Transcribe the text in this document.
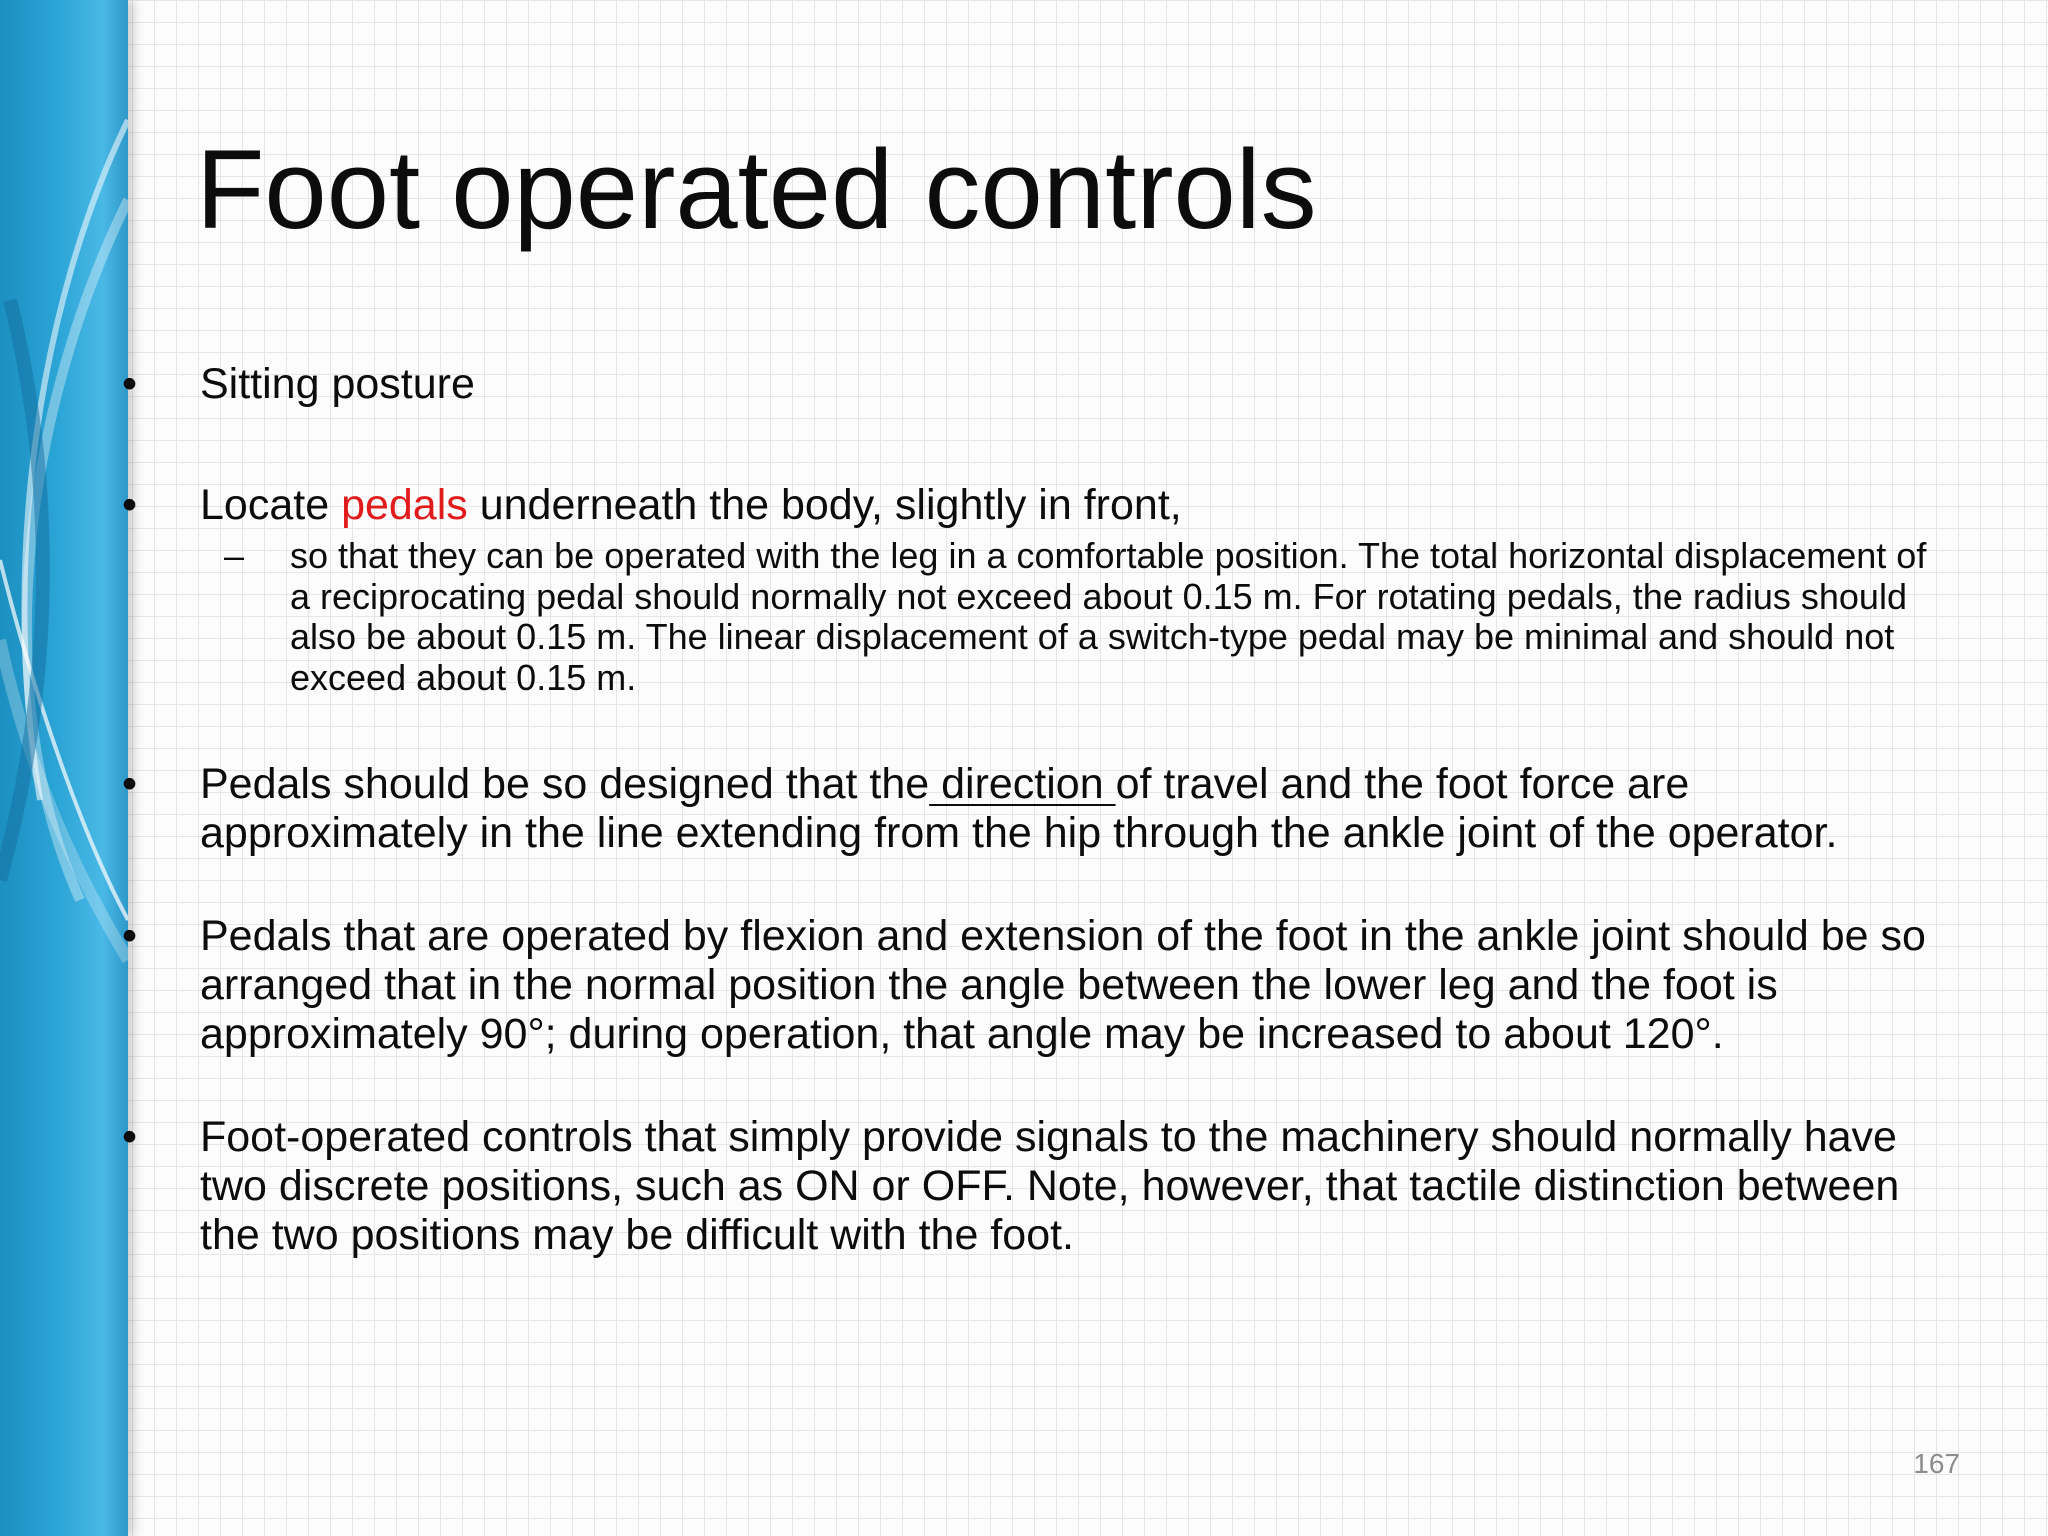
Foot operated controls
• Sitting posture
• Locate pedals underneath the body, slightly in front,
– so that they can be operated with the leg in a comfortable position. The total horizontal displacement of a reciprocating pedal should normally not exceed about 0.15 m. For rotating pedals, the radius should also be about 0.15 m. The linear displacement of a switch-type pedal may be minimal and should not exceed about 0.15 m.
• Pedals should be so designed that the direction of travel and the foot force are approximately in the line extending from the hip through the ankle joint of the operator.
• Pedals that are operated by flexion and extension of the foot in the ankle joint should be so arranged that in the normal position the angle between the lower leg and the foot is approximately 90°; during operation, that angle may be increased to about 120°.
• Foot-operated controls that simply provide signals to the machinery should normally have two discrete positions, such as ON or OFF. Note, however, that tactile distinction between the two positions may be difficult with the foot.
167
